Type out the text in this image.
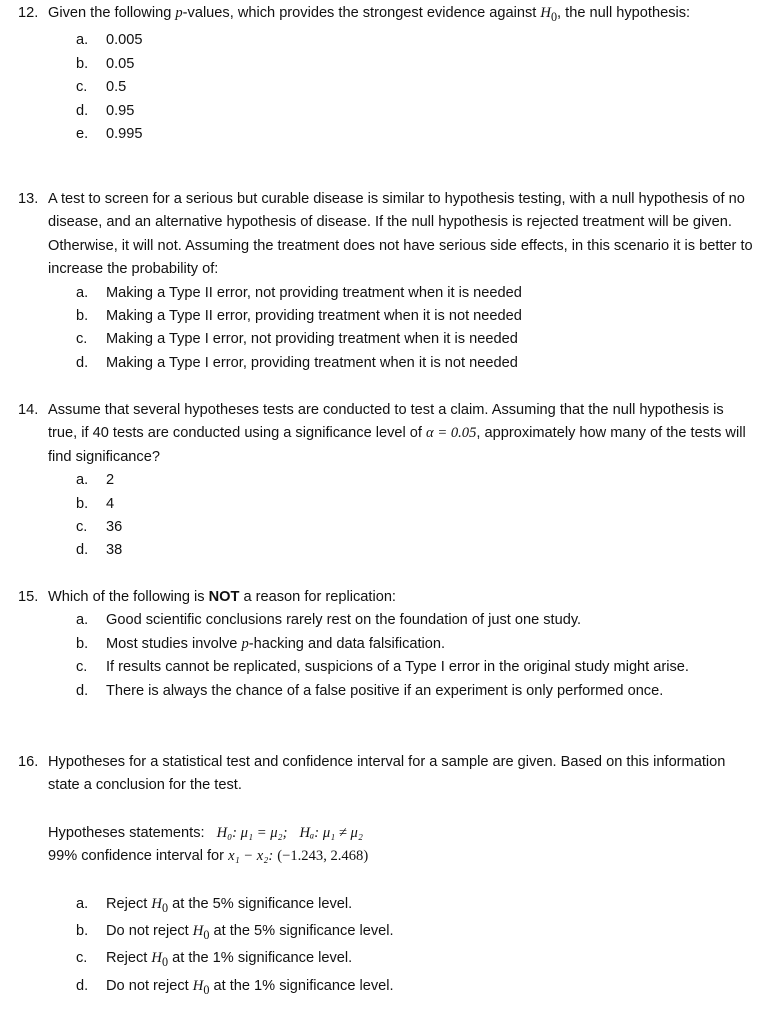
12. Given the following p-values, which provides the strongest evidence against $H_0$, the null hypothesis:
a. 0.005
b. 0.05
c. 0.5
d. 0.95
e. 0.995
13. A test to screen for a serious but curable disease is similar to hypothesis testing, with a null hypothesis of no disease, and an alternative hypothesis of disease. If the null hypothesis is rejected treatment will be given. Otherwise, it will not. Assuming the treatment does not have serious side effects, in this scenario it is better to increase the probability of:
a. Making a Type II error, not providing treatment when it is needed
b. Making a Type II error, providing treatment when it is not needed
c. Making a Type I error, not providing treatment when it is needed
d. Making a Type I error, providing treatment when it is not needed
14. Assume that several hypotheses tests are conducted to test a claim. Assuming that the null hypothesis is true, if 40 tests are conducted using a significance level of α = 0.05, approximately how many of the tests will find significance?
a. 2
b. 4
c. 36
d. 38
15. Which of the following is NOT a reason for replication:
a. Good scientific conclusions rarely rest on the foundation of just one study.
b. Most studies involve p-hacking and data falsification.
c. If results cannot be replicated, suspicions of a Type I error in the original study might arise.
d. There is always the chance of a false positive if an experiment is only performed once.
16. Hypotheses for a statistical test and confidence interval for a sample are given. Based on this information state a conclusion for the test.
Hypotheses statements: H₀: μ₁ = μ₂; Hₐ: μ₁ ≠ μ₂
99% confidence interval for x₁ − x₂: (−1.243, 2.468)
a. Reject $H_0$ at the 5% significance level.
b. Do not reject $H_0$ at the 5% significance level.
c. Reject $H_0$ at the 1% significance level.
d. Do not reject $H_0$ at the 1% significance level.
